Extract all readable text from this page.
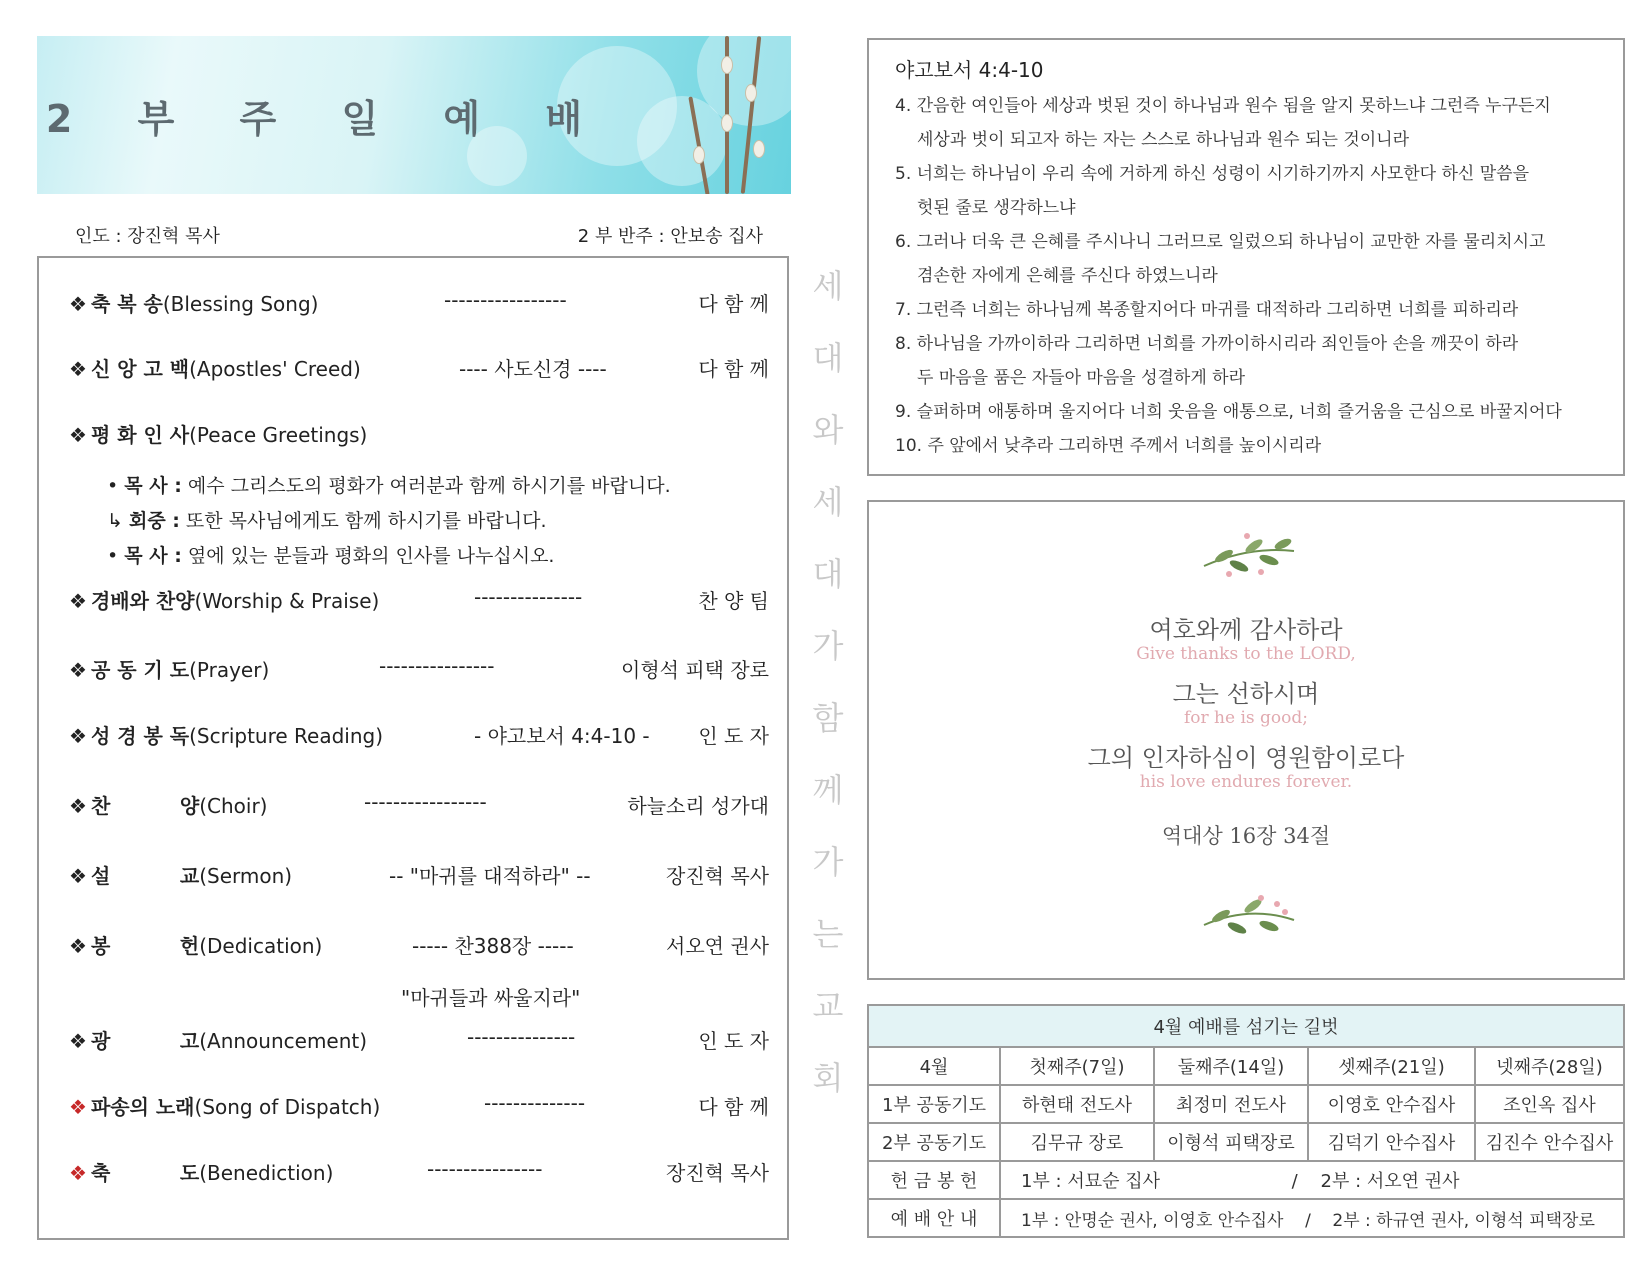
2 부 주 일 예 배
인도 : 장진혁 목사	2 부 반주 : 안보송 집사
❖ 축 복 송(Blessing Song)	-----------------	다 함 께
❖ 신 앙 고 백(Apostles' Creed)	---- 사도신경 ----	다 함 께
❖ 평 화 인 사(Peace Greetings)
• 목 사 : 예수 그리스도의 평화가 여러분과 함께 하시기를 바랍니다.
↳ 회중 : 또한 목사님에게도 함께 하시기를 바랍니다.
• 목 사 : 옆에 있는 분들과 평화의 인사를 나누십시오.
❖ 경배와 찬양(Worship & Praise)	---------------	찬 양 팀
❖ 공 동 기 도(Prayer)	----------------	이형석 피택 장로
❖ 성 경 봉 독(Scripture Reading)	- 야고보서 4:4-10 - 인 도 자
❖ 찬          양(Choir)	-----------------	하늘소리 성가대
❖ 설          교(Sermon)	-- "마귀를 대적하라" --	장진혁 목사
❖ 봉          헌(Dedication)	----- 찬388장 -----	서오연 권사
"마귀들과 싸울지라"
❖ 광          고(Announcement)	---------------	인 도 자
❖ 파송의 노래(Song of Dispatch)	--------------	다 함 께
❖ 축          도(Benediction)	----------------	장진혁 목사
세
대
와
세
대
가
함
께
가
는
교
회
야고보서 4:4-10
4. 간음한 여인들아 세상과 벗된 것이 하나님과 원수 됨을 알지 못하느냐 그런즉 누구든지
세상과 벗이 되고자 하는 자는 스스로 하나님과 원수 되는 것이니라
5. 너희는 하나님이 우리 속에 거하게 하신 성령이 시기하기까지 사모한다 하신 말씀을
헛된 줄로 생각하느냐
6. 그러나 더욱 큰 은혜를 주시나니 그러므로 일렀으되 하나님이 교만한 자를 물리치시고
겸손한 자에게 은혜를 주신다 하였느니라
7. 그런즉 너희는 하나님께 복종할지어다 마귀를 대적하라 그리하면 너희를 피하리라
8. 하나님을 가까이하라 그리하면 너희를 가까이하시리라 죄인들아 손을 깨끗이 하라
두 마음을 품은 자들아 마음을 성결하게 하라
9. 슬퍼하며 애통하며 울지어다 너희 웃음을 애통으로, 너희 즐거움을 근심으로 바꿀지어다
10. 주 앞에서 낮추라 그리하면 주께서 너희를 높이시리라
여호와께 감사하라
Give thanks to the LORD,
그는 선하시며
for he is good;
그의 인자하심이 영원함이로다
his love endures forever.
역대상 16장 34절
4월 예배를 섬기는 길벗				
4월	첫째주(7일)	둘째주(14일)	셋째주(21일)	넷째주(28일)
1부 공동기도	하현태 전도사	최정미 전도사	이영호 안수집사	조인옥 집사
2부 공동기도	김무규 장로	이형석 피택장로	김덕기 안수집사	김진수 안수집사
헌 금 봉 헌	1부 : 서묘순 집사                       /    2부 : 서오연 권사			
예 배 안 내	1부 : 안명순 권사, 이영호 안수집사    /    2부 : 하규연 권사, 이형석 피택장로			
